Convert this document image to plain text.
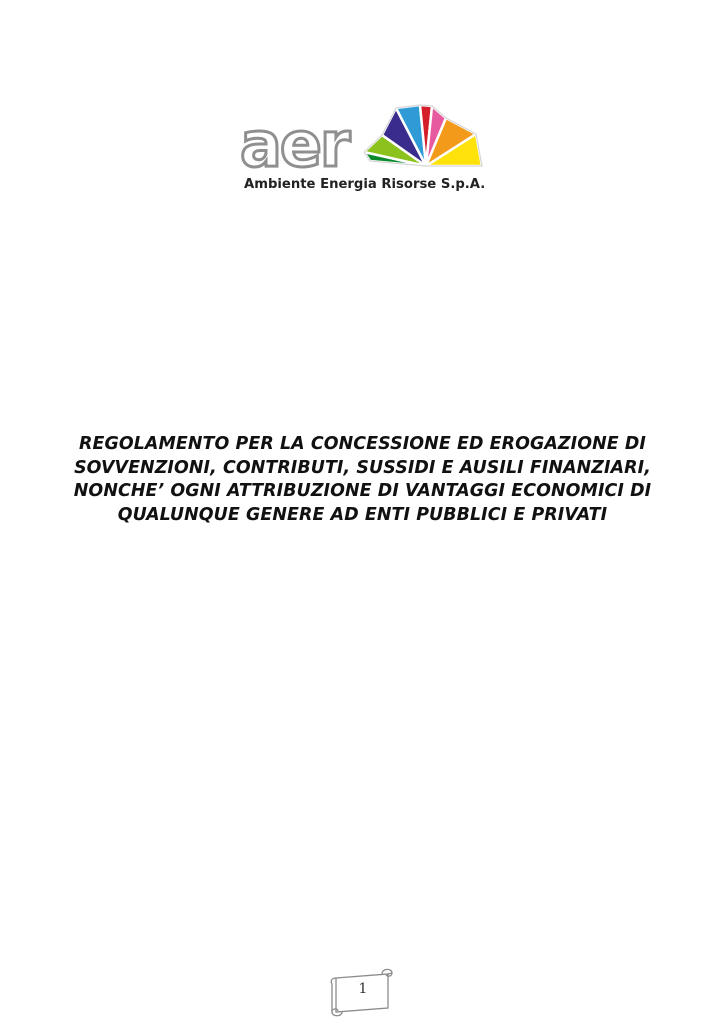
aer
Ambiente Energia Risorse S.p.A.
REGOLAMENTO PER LA CONCESSIONE ED EROGAZIONE DI SOVVENZIONI, CONTRIBUTI, SUSSIDI E AUSILI FINANZIARI, NONCHE’ OGNI ATTRIBUZIONE DI VANTAGGI ECONOMICI DI QUALUNQUE GENERE AD ENTI PUBBLICI E PRIVATI
1
